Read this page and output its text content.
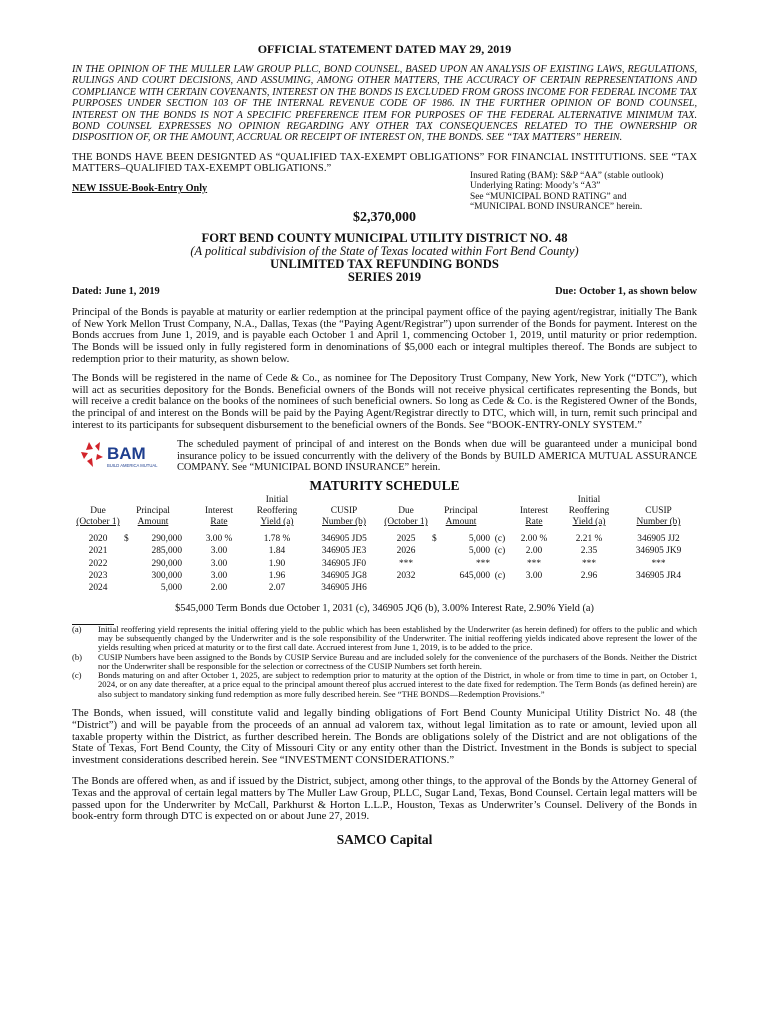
OFFICIAL STATEMENT DATED MAY 29, 2019

IN THE OPINION OF THE MULLER LAW GROUP PLLC, BOND COUNSEL, BASED UPON AN ANALYSIS OF EXISTING LAWS, REGULATIONS, RULINGS AND COURT DECISIONS, AND ASSUMING, AMONG OTHER MATTERS, THE ACCURACY OF CERTAIN REPRESENTATIONS AND COMPLIANCE WITH CERTAIN COVENANTS, INTEREST ON THE BONDS IS EXCLUDED FROM GROSS INCOME FOR FEDERAL INCOME TAX PURPOSES UNDER SECTION 103 OF THE INTERNAL REVENUE CODE OF 1986. IN THE FURTHER OPINION OF BOND COUNSEL, INTEREST ON THE BONDS IS NOT A SPECIFIC PREFERENCE ITEM FOR PURPOSES OF THE FEDERAL ALTERNATIVE MINIMUM TAX. BOND COUNSEL EXPRESSES NO OPINION REGARDING ANY OTHER TAX CONSEQUENCES RELATED TO THE OWNERSHIP OR DISPOSITION OF, OR THE AMOUNT, ACCRUAL OR RECEIPT OF INTEREST ON, THE BONDS. SEE “TAX MATTERS” HEREIN.

THE BONDS HAVE BEEN DESIGNTED AS “QUALIFIED TAX-EXEMPT OBLIGATIONS” FOR FINANCIAL INSTITUTIONS. SEE “TAX MATTERS–QUALIFIED TAX-EXEMPT OBLIGATIONS.”

NEW ISSUE-Book-Entry Only
Insured Rating (BAM): S&P “AA” (stable outlook)
Underlying Rating: Moody’s “A3”
See “MUNICIPAL BOND RATING” and
“MUNICIPAL BOND INSURANCE” herein.
$2,370,000
FORT BEND COUNTY MUNICIPAL UTILITY DISTRICT NO. 48
(A political subdivision of the State of Texas located within Fort Bend County)
UNLIMITED TAX REFUNDING BONDS
SERIES 2019
Dated: June 1, 2019	Due: October 1, as shown below

Principal of the Bonds is payable at maturity or earlier redemption at the principal payment office of the paying agent/registrar, initially The Bank of New York Mellon Trust Company, N.A., Dallas, Texas (the “Paying Agent/Registrar”) upon surrender of the Bonds for payment. Interest on the Bonds accrues from June 1, 2019, and is payable each October 1 and April 1, commencing October 1, 2019, until maturity or prior redemption. The Bonds will be issued only in fully registered form in denominations of $5,000 each or integral multiples thereof. The Bonds are subject to redemption prior to their maturity, as shown below.

The Bonds will be registered in the name of Cede & Co., as nominee for The Depository Trust Company, New York, New York (“DTC”), which will act as securities depository for the Bonds. Beneficial owners of the Bonds will not receive physical certificates representing the Bonds, but will receive a credit balance on the books of the nominees of such beneficial owners. So long as Cede & Co. is the Registered Owner of the Bonds, the principal of and interest on the Bonds will be paid by the Paying Agent/Registrar directly to DTC, which will, in turn, remit such principal and interest to its participants for subsequent disbursement to the beneficial owners of the Bonds. See “BOOK-ENTRY-ONLY SYSTEM.”

BAM
BUILD AMERICA MUTUAL
The scheduled payment of principal of and interest on the Bonds when due will be guaranteed under a municipal bond insurance policy to be issued concurrently with the delivery of the Bonds by BUILD AMERICA MUTUAL ASSURANCE COMPANY. See “MUNICIPAL BOND INSURANCE” herein.
MATURITY SCHEDULE
					Initial							Initial	
Due	Principal			Interest	Reoffering	CUSIP	Due	Principal			Interest	Reoffering	CUSIP
(October 1)	Amount			Rate	Yield (a)	Number (b)	(October 1)	Amount			Rate	Yield (a)	Number (b)

2020	$	290,000		3.00 %	1.78 %	346905 JD5	2025	$	5,000	(c)	2.00 %	2.21 %	346905 JJ2
2021		285,000		3.00	1.84	346905 JE3	2026		5,000	(c)	2.00	2.35	346905 JK9
2022		290,000		3.00	1.90	346905 JF0	***		***		***	***	***
2023		300,000		3.00	1.96	346905 JG8	2032		645,000	(c)	3.00	2.96	346905 JR4
2024		5,000		2.00	2.07	346905 JH6							
$545,000 Term Bonds due October 1, 2031 (c), 346905 JQ6 (b), 3.00% Interest Rate, 2.90% Yield (a)
(a)	Initial reoffering yield represents the initial offering yield to the public which has been established by the Underwriter (as herein defined) for offers to the public and which may be subsequently changed by the Underwriter and is the sole responsibility of the Underwriter. The initial reoffering yields indicated above represent the lower of the yields resulting when priced at maturity or to the first call date. Accrued interest from June 1, 2019, is to be added to the price.
(b)	CUSIP Numbers have been assigned to the Bonds by CUSIP Service Bureau and are included solely for the convenience of the purchasers of the Bonds. Neither the District nor the Underwriter shall be responsible for the selection or correctness of the CUSIP Numbers set forth herein.
(c)	Bonds maturing on and after October 1, 2025, are subject to redemption prior to maturity at the option of the District, in whole or from time to time in part, on October 1, 2024, or on any date thereafter, at a price equal to the principal amount thereof plus accrued interest to the date fixed for redemption. The Term Bonds (as defined herein) are also subject to mandatory sinking fund redemption as more fully described herein. See “THE BONDS—Redemption Provisions.”

The Bonds, when issued, will constitute valid and legally binding obligations of Fort Bend County Municipal Utility District No. 48 (the “District”) and will be payable from the proceeds of an annual ad valorem tax, without legal limitation as to rate or amount, levied upon all taxable property within the District, as further described herein. The Bonds are obligations solely of the District and are not obligations of the State of Texas, Fort Bend County, the City of Missouri City or any entity other than the District. Investment in the Bonds is subject to special investment considerations described herein. See “INVESTMENT CONSIDERATIONS.”

The Bonds are offered when, as and if issued by the District, subject, among other things, to the approval of the Bonds by the Attorney General of Texas and the approval of certain legal matters by The Muller Law Group, PLLC, Sugar Land, Texas, Bond Counsel. Certain legal matters will be passed upon for the Underwriter by McCall, Parkhurst & Horton L.L.P., Houston, Texas as Underwriter’s Counsel. Delivery of the Bonds in book-entry form through DTC is expected on or about June 27, 2019.

SAMCO Capital
